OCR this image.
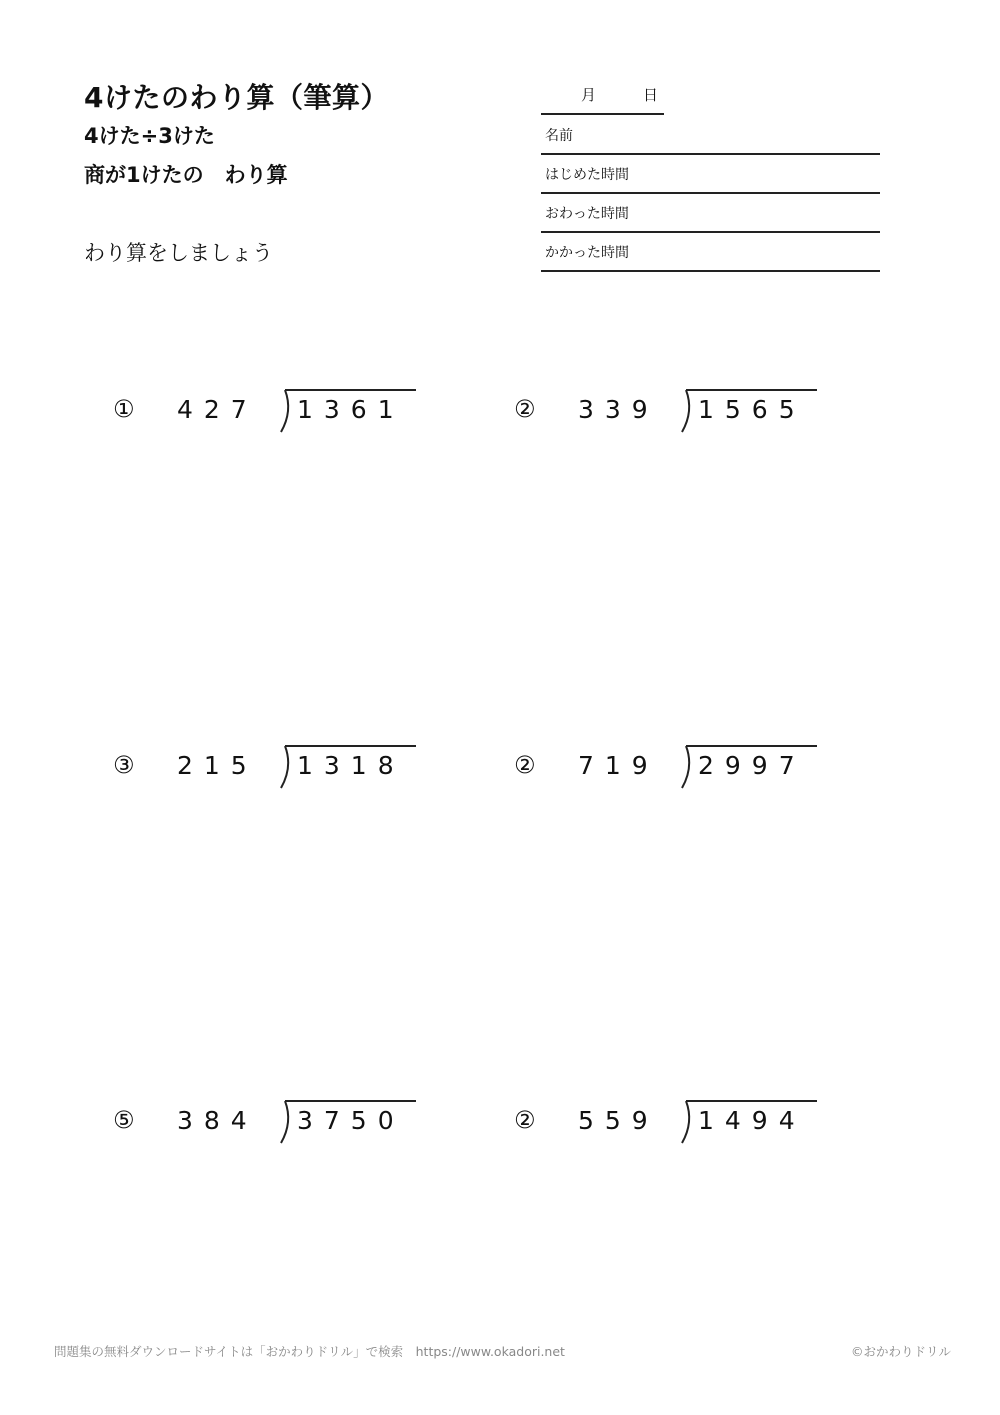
4けたのわり算（筆算）
4けた÷3けた
商が1けたの　わり算
わり算をしましょう
月	日
名前
はじめた時間
おわった時間
かかった時間
① 427 1361	② 339 1565
③ 215 1318	② 719 2997
⑤ 384 3750	② 559 1494
問題集の無料ダウンロードサイトは「おかわりドリル」で検索　https://www.okadori.net	©おかわりドリル
